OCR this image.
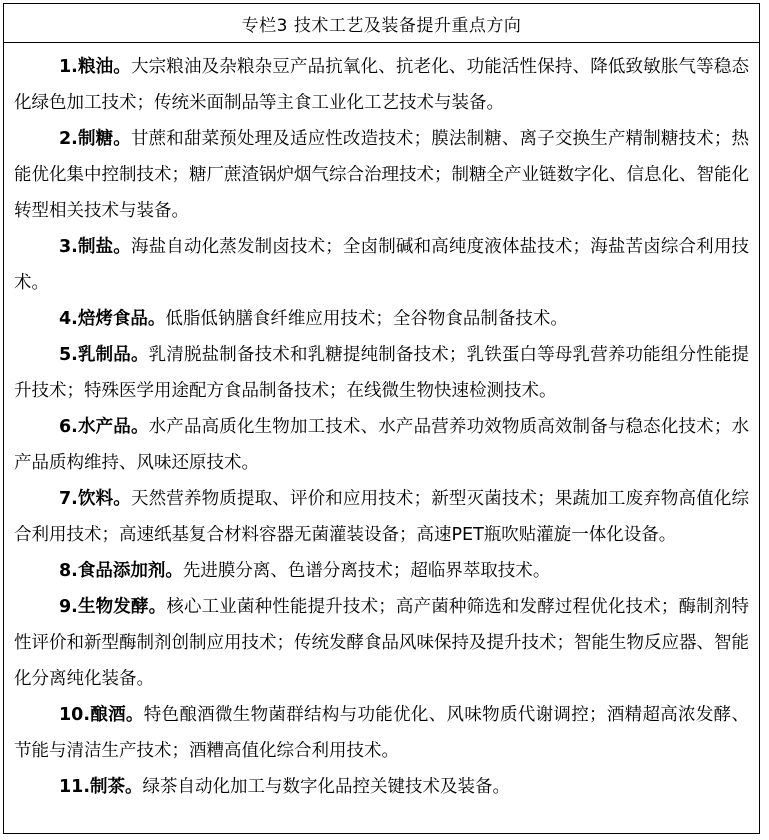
专栏3 技术工艺及装备提升重点方向

1.粮油。大宗粮油及杂粮杂豆产品抗氧化、抗老化、功能活性保持、降低致敏胀气等稳态化绿色加工技术；传统米面制品等主食工业化工艺技术与装备。

2.制糖。甘蔗和甜菜预处理及适应性改造技术；膜法制糖、离子交换生产精制糖技术；热能优化集中控制技术；糖厂蔗渣锅炉烟气综合治理技术；制糖全产业链数字化、信息化、智能化转型相关技术与装备。

3.制盐。海盐自动化蒸发制卤技术；全卤制碱和高纯度液体盐技术；海盐苦卤综合利用技术。

4.焙烤食品。低脂低钠膳食纤维应用技术；全谷物食品制备技术。

5.乳制品。乳清脱盐制备技术和乳糖提纯制备技术；乳铁蛋白等母乳营养功能组分性能提升技术；特殊医学用途配方食品制备技术；在线微生物快速检测技术。

6.水产品。水产品高质化生物加工技术、水产品营养功效物质高效制备与稳态化技术；水产品质构维持、风味还原技术。

7.饮料。天然营养物质提取、评价和应用技术；新型灭菌技术；果蔬加工废弃物高值化综合利用技术；高速纸基复合材料容器无菌灌装设备；高速PET瓶吹贴灌旋一体化设备。

8.食品添加剂。先进膜分离、色谱分离技术；超临界萃取技术。

9.生物发酵。核心工业菌种性能提升技术；高产菌种筛选和发酵过程优化技术；酶制剂特性评价和新型酶制剂创制应用技术；传统发酵食品风味保持及提升技术；智能生物反应器、智能化分离纯化装备。

10.酿酒。特色酿酒微生物菌群结构与功能优化、风味物质代谢调控；酒精超高浓发酵、节能与清洁生产技术；酒糟高值化综合利用技术。

11.制茶。绿茶自动化加工与数字化品控关键技术及装备。
